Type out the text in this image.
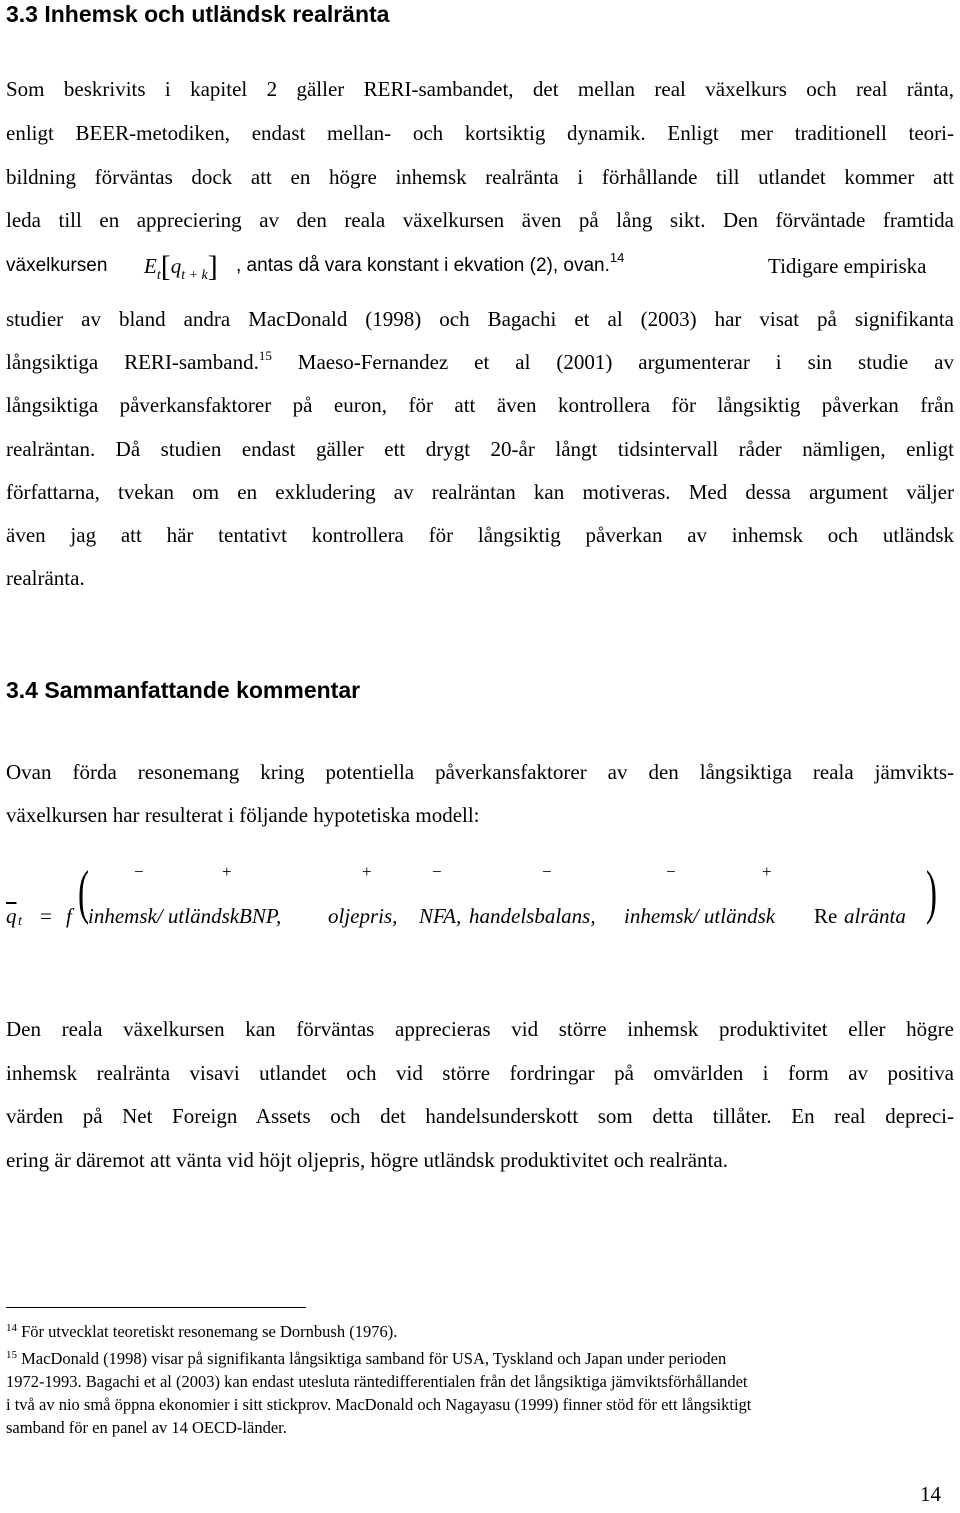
3.3 Inhemsk och utländsk realränta
Som beskrivits i kapitel 2 gäller RERI-sambandet, det mellan real växelkurs och real ränta,
enligt BEER-metodiken, endast mellan- och kortsiktig dynamik. Enligt mer traditionell teori-
bildning förväntas dock att en högre inhemsk realränta i förhållande till utlandet kommer att
leda till en appreciering av den reala växelkursen även på lång sikt. Den förväntade framtida
växelkursen $E_t[q_{t + k}]$ , antas då vara konstant i ekvation (2), ovan.$^{14}$	Tidigare empiriska
studier av bland andra MacDonald (1998) och Bagachi et al (2003) har visat på signifikanta
långsiktiga RERI-samband.$^{15}$ Maeso-Fernandez et al (2001) argumenterar i sin studie av
långsiktiga påverkansfaktorer på euron, för att även kontrollera för långsiktig påverkan från
realräntan. Då studien endast gäller ett drygt 20-år långt tidsintervall råder nämligen, enligt
författarna, tvekan om en exkludering av realräntan kan motiveras. Med dessa argument väljer
även jag att här tentativt kontrollera för långsiktig påverkan av inhemsk och utländsk
realränta.
3.4 Sammanfattande kommentar
Ovan förda resonemang kring potentiella påverkansfaktorer av den långsiktiga reala jämvikts-
växelkursen har resulterat i följande hypotetiska modell:
$\overline{q}$ t = f ( inhemsk/ utländskBNP, oljepris, NFA, handelsbalans, inhemsk/ utländsk Re alränta
−	+	+	−	−	−	+	)
Den reala växelkursen kan förväntas apprecieras vid större inhemsk produktivitet eller högre
inhemsk realränta visavi utlandet och vid större fordringar på omvärlden i form av positiva
värden på Net Foreign Assets och det handelsunderskott som detta tillåter. En real depreci-
ering är däremot att vänta vid höjt oljepris, högre utländsk produktivitet och realränta.
$^{14}$ För utvecklat teoretiskt resonemang se Dornbush (1976).
$^{15}$ MacDonald (1998) visar på signifikanta långsiktiga samband för USA, Tyskland och Japan under perioden
1972-1993. Bagachi et al (2003) kan endast utesluta räntedifferentialen från det långsiktiga jämviktsförhållandet
i två av nio små öppna ekonomier i sitt stickprov. MacDonald och Nagayasu (1999) finner stöd för ett långsiktigt
samband för en panel av 14 OECD-länder.
14
